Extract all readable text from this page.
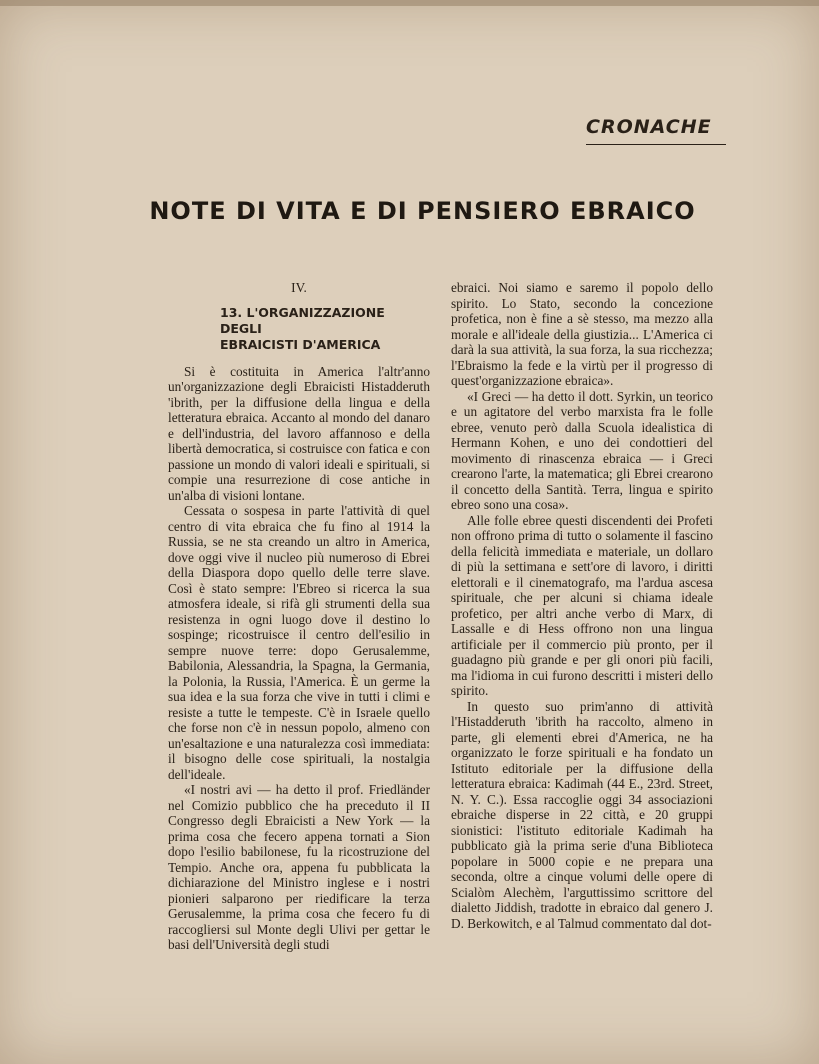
CRONACHE
NOTE DI VITA E DI PENSIERO EBRAICO
IV.
13. L'ORGANIZZAZIONE DEGLI
EBRAICISTI D'AMERICA

Si è costituita in America l'altr'anno un'organizzazione degli Ebraicisti Histadderuth 'ibrith, per la diffusione della lingua e della letteratura ebraica. Accanto al mondo del danaro e dell'industria, del lavoro affannoso e della libertà democratica, si costruisce con fatica e con passione un mondo di valori ideali e spirituali, si compie una resurrezione di cose antiche in un'alba di visioni lontane.

Cessata o sospesa in parte l'attività di quel centro di vita ebraica che fu fino al 1914 la Russia, se ne sta creando un altro in America, dove oggi vive il nucleo più numeroso di Ebrei della Diaspora dopo quello delle terre slave. Così è stato sempre: l'Ebreo si ricerca la sua atmosfera ideale, si rifà gli strumenti della sua resistenza in ogni luogo dove il destino lo sospinge; ricostruisce il centro dell'esilio in sempre nuove terre: dopo Gerusalemme, Babilonia, Alessandria, la Spagna, la Germania, la Polonia, la Russia, l'America. È un germe la sua idea e la sua forza che vive in tutti i climi e resiste a tutte le tempeste. C'è in Israele quello che forse non c'è in nessun popolo, almeno con un'esaltazione e una naturalezza così immediata: il bisogno delle cose spirituali, la nostalgia dell'ideale.

«I nostri avi — ha detto il prof. Friedländer nel Comizio pubblico che ha preceduto il II Congresso degli Ebraicisti a New York — la prima cosa che fecero appena tornati a Sion dopo l'esilio babilonese, fu la ricostruzione del Tempio. Anche ora, appena fu pubblicata la dichiarazione del Ministro inglese e i nostri pionieri salparono per riedificare la terza Gerusalemme, la prima cosa che fecero fu di raccogliersi sul Monte degli Ulivi per gettar le basi dell'Università degli studi

ebraici. Noi siamo e saremo il popolo dello spirito. Lo Stato, secondo la concezione profetica, non è fine a sè stesso, ma mezzo alla morale e all'ideale della giustizia... L'America ci darà la sua attività, la sua forza, la sua ricchezza; l'Ebraismo la fede e la virtù per il progresso di quest'organizzazione ebraica».

«I Greci — ha detto il dott. Syrkin, un teorico e un agitatore del verbo marxista fra le folle ebree, venuto però dalla Scuola idealistica di Hermann Kohen, e uno dei condottieri del movimento di rinascenza ebraica — i Greci crearono l'arte, la matematica; gli Ebrei crearono il concetto della Santità. Terra, lingua e spirito ebreo sono una cosa».

Alle folle ebree questi discendenti dei Profeti non offrono prima di tutto o solamente il fascino della felicità immediata e materiale, un dollaro di più la settimana e sett'ore di lavoro, i diritti elettorali e il cinematografo, ma l'ardua ascesa spirituale, che per alcuni si chiama ideale profetico, per altri anche verbo di Marx, di Lassalle e di Hess offrono non una lingua artificiale per il commercio più pronto, per il guadagno più grande e per gli onori più facili, ma l'idioma in cui furono descritti i misteri dello spirito.

In questo suo prim'anno di attività l'Histadderuth 'ibrith ha raccolto, almeno in parte, gli elementi ebrei d'America, ne ha organizzato le forze spirituali e ha fondato un Istituto editoriale per la diffusione della letteratura ebraica: Kadimah (44 E., 23rd. Street, N. Y. C.). Essa raccoglie oggi 34 associazioni ebraiche disperse in 22 città, e 20 gruppi sionistici: l'istituto editoriale Kadimah ha pubblicato già la prima serie d'una Biblioteca popolare in 5000 copie e ne prepara una seconda, oltre a cinque volumi delle opere di Scialòm Alechèm, l'arguttissimo scrittore del dialetto Jiddish, tradotte in ebraico dal genero J. D. Berkowitch, e al Talmud commentato dal dot-
